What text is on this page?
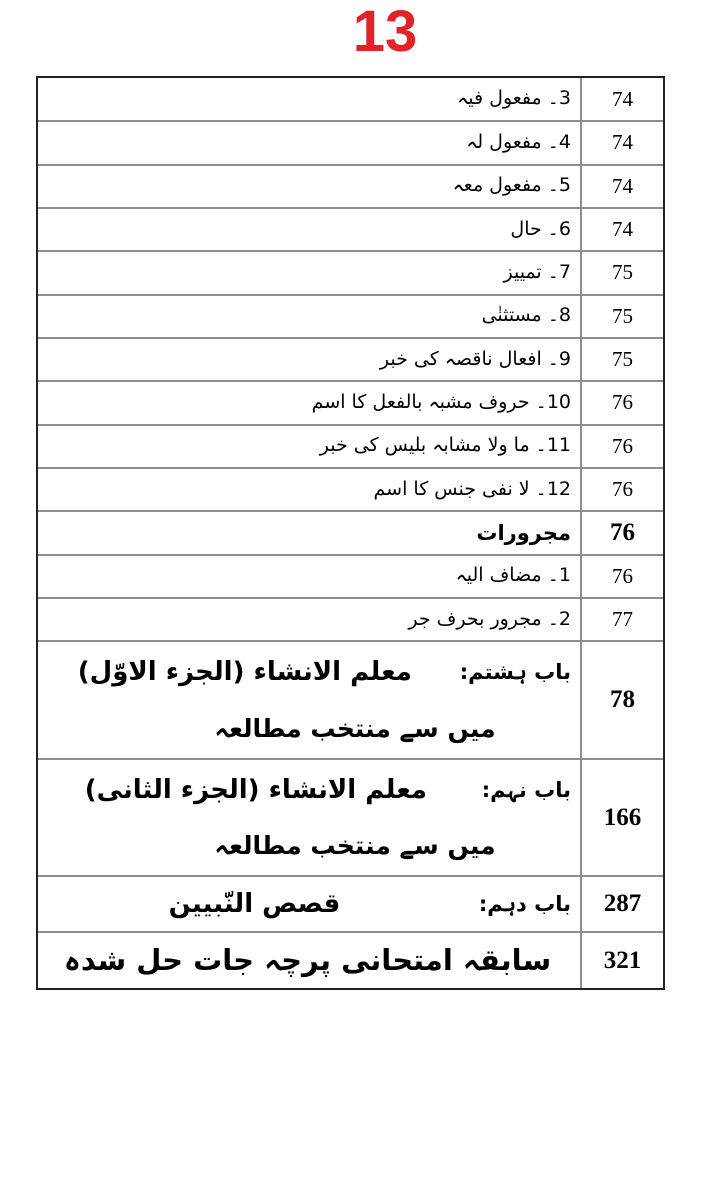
13
3۔ مفعول فیہ	74
4۔ مفعول لہ	74
5۔ مفعول معہ	74
6۔ حال	74
7۔ تمییز	75
8۔ مستثنٰی	75
9۔ افعال ناقصہ کی خبر	75
10۔ حروف مشبہ بالفعل کا اسم	76
11۔ ما ولا مشابہ بلیس کی خبر	76
12۔ لا نفی جنس کا اسم	76
مجرورات	76
1۔ مضاف الیہ	76
2۔ مجرور بحرف جر	77

باب ہشتم:
معلم الانشاء (الجزء الاوّل)
میں سے منتخب مطالعہ	78

باب نہم:
معلم الانشاء (الجزء الثانی)
میں سے منتخب مطالعہ	166

باب دہم:
قصص النّبیین	287

سابقہ امتحانی پرچہ جات حل شدہ	321
